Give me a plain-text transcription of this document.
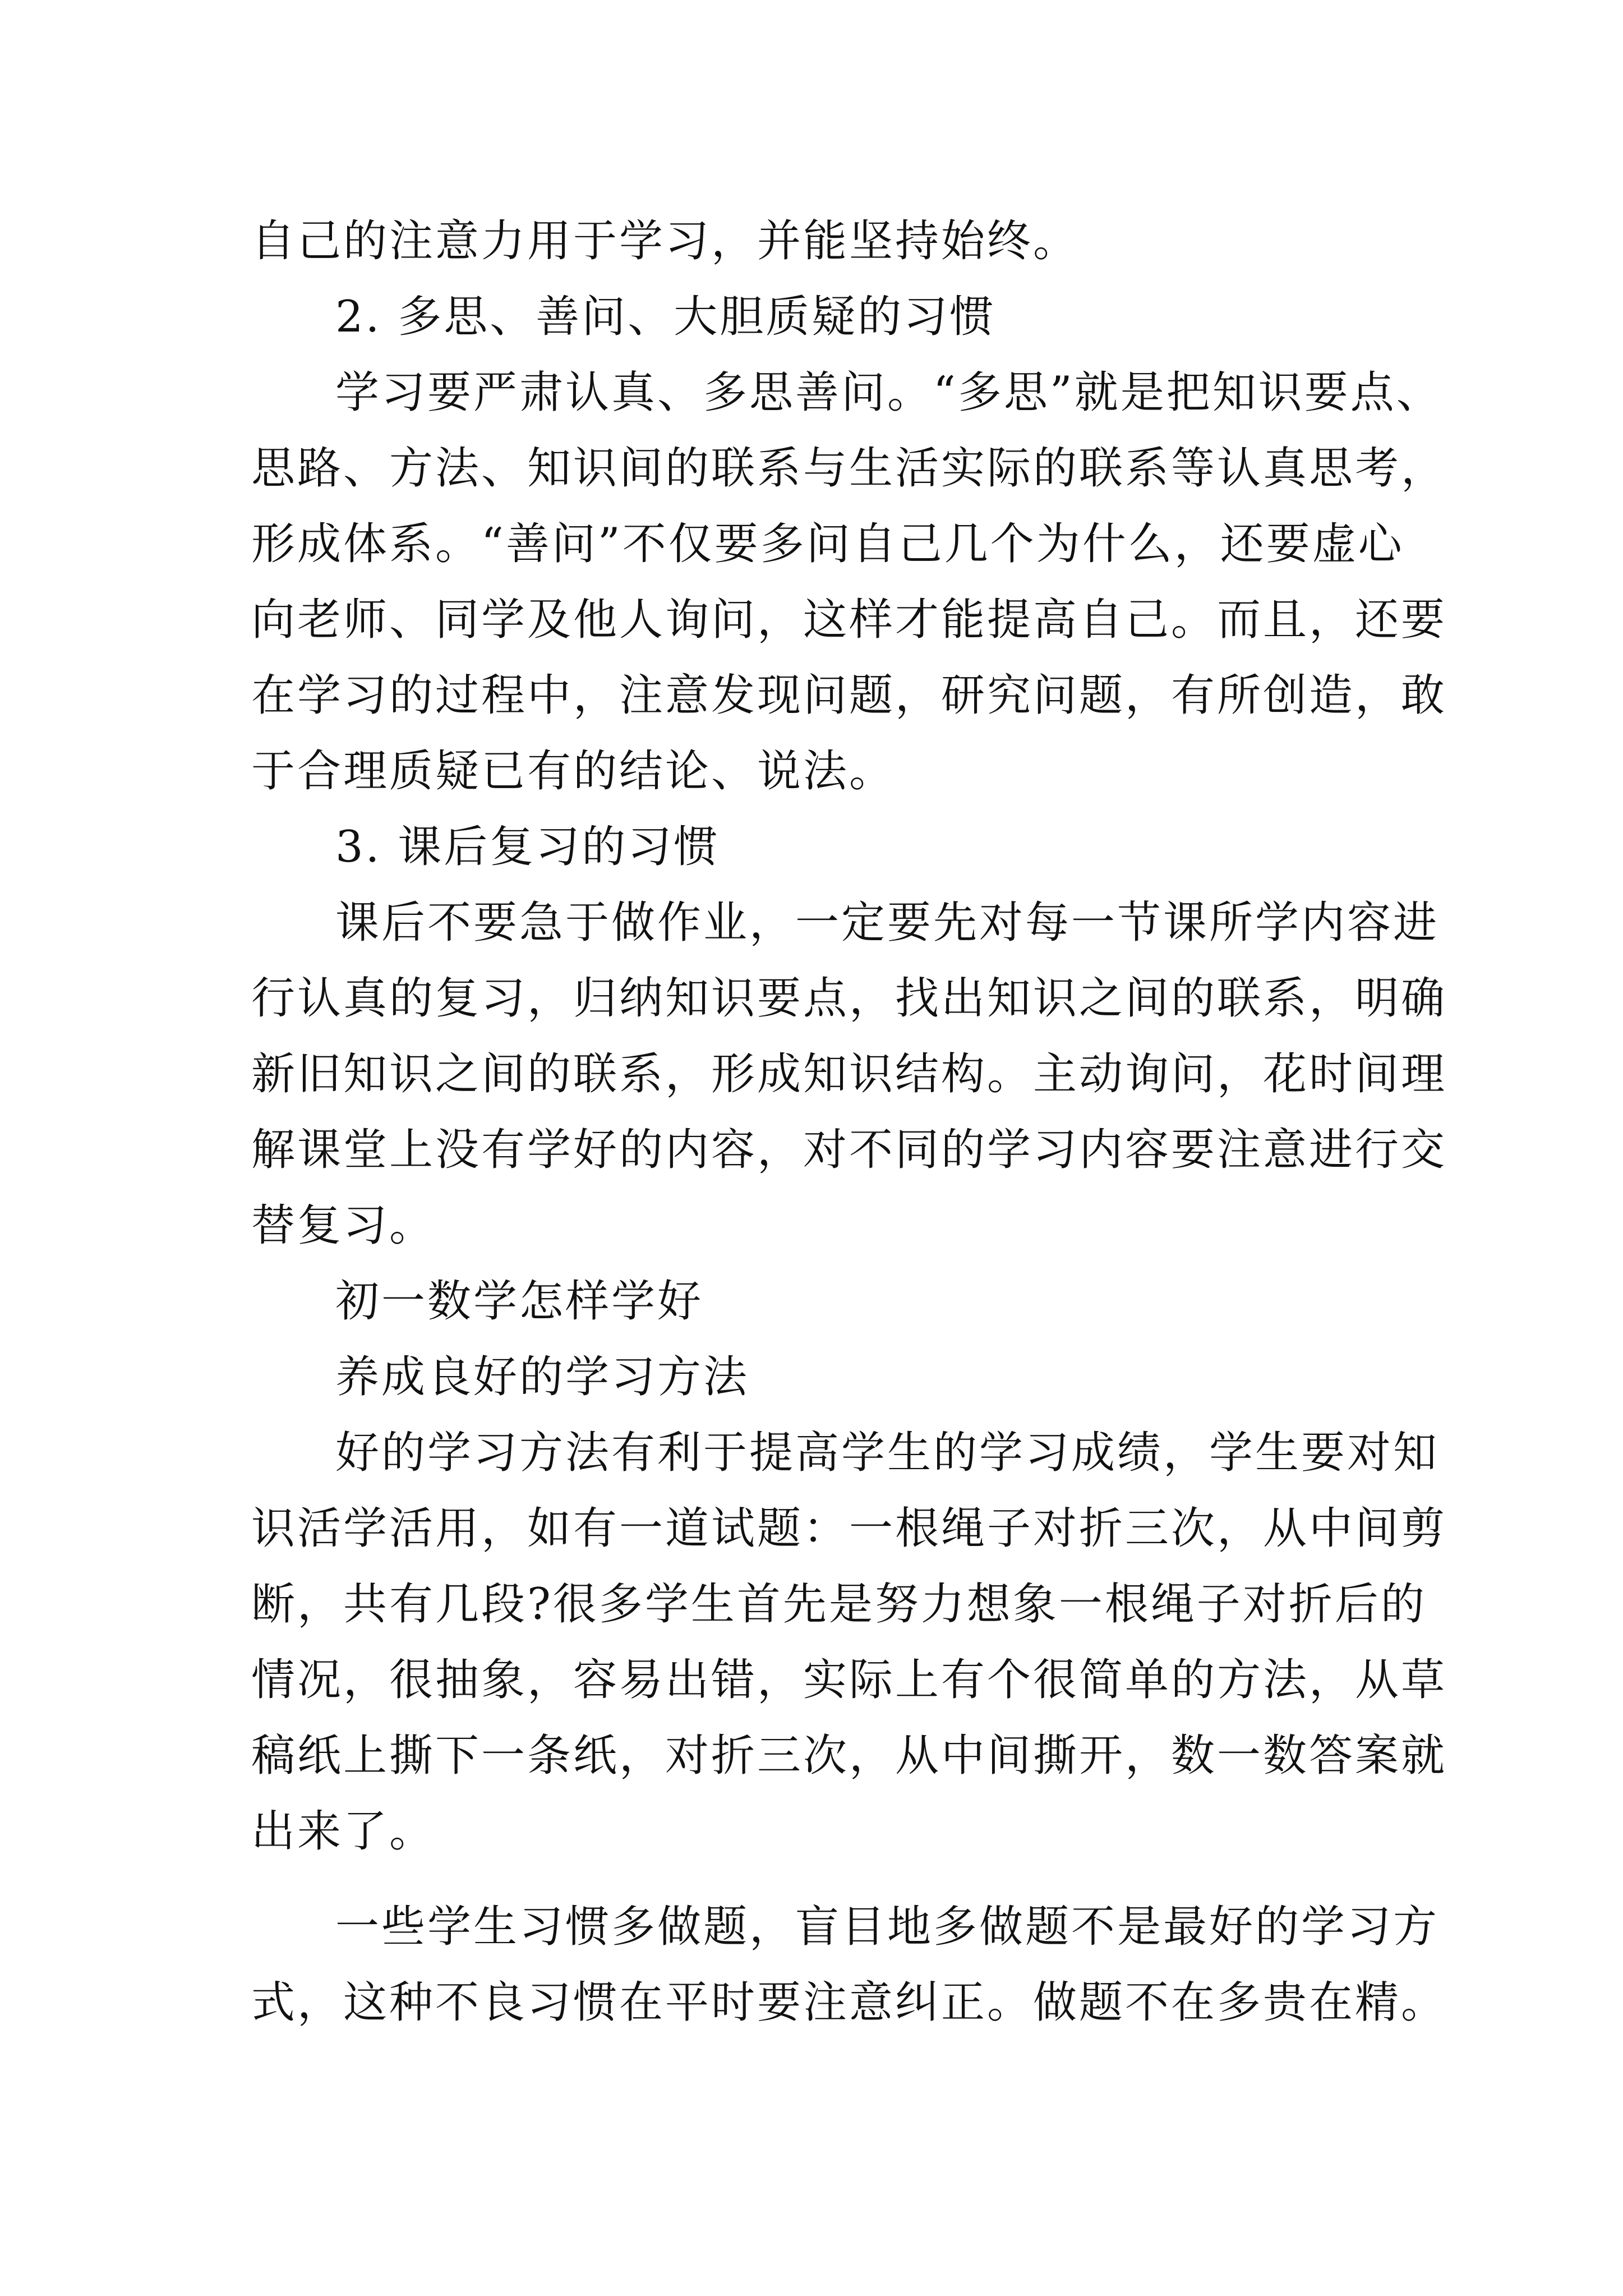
自己的注意力用于学习，并能坚持始终。
2. 多思、善问、大胆质疑的习惯
学习要严肃认真、多思善问。“多思”就是把知识要点、
思路、方法、知识间的联系与生活实际的联系等认真思考，
形成体系。“善问”不仅要多问自己几个为什么，还要虚心
向老师、同学及他人询问，这样才能提高自己。而且，还要
在学习的过程中，注意发现问题，研究问题，有所创造，敢
于合理质疑已有的结论、说法。
3. 课后复习的习惯
课后不要急于做作业，一定要先对每一节课所学内容进
行认真的复习，归纳知识要点，找出知识之间的联系，明确
新旧知识之间的联系，形成知识结构。主动询问，花时间理
解课堂上没有学好的内容，对不同的学习内容要注意进行交
替复习。
初一数学怎样学好
养成良好的学习方法
好的学习方法有利于提高学生的学习成绩，学生要对知
识活学活用，如有一道试题：一根绳子对折三次，从中间剪
断，共有几段?很多学生首先是努力想象一根绳子对折后的
情况，很抽象，容易出错，实际上有个很简单的方法，从草
稿纸上撕下一条纸，对折三次，从中间撕开，数一数答案就
出来了。
一些学生习惯多做题，盲目地多做题不是最好的学习方
式，这种不良习惯在平时要注意纠正。做题不在多贵在精。
